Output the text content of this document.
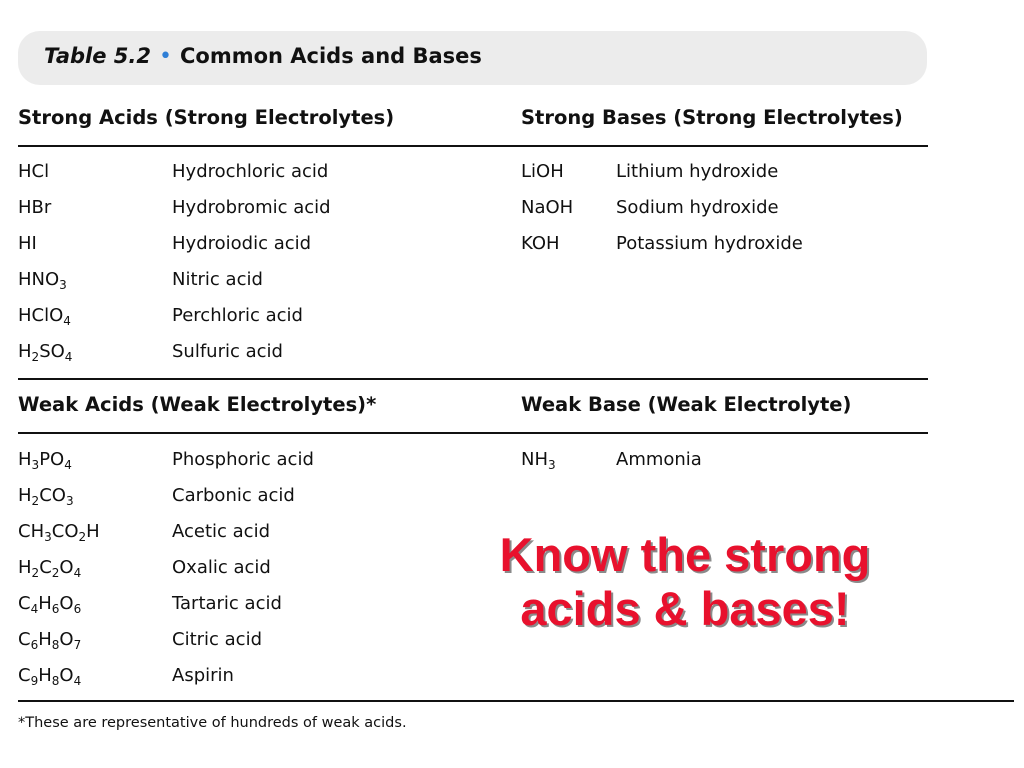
Table 5.2 • Common Acids and Bases
Strong Acids (Strong Electrolytes)	Strong Bases (Strong Electrolytes)
HCl	Hydrochloric acid
HBr	Hydrobromic acid
HI	Hydroiodic acid
$HNO_3$	Nitric acid
HClO$_4$	Perchloric acid
$H_2SO_4$	Sulfuric acid
LiOH	Lithium hydroxide
NaOH Sodium hydroxide
KOH	Potassium hydroxide
Weak Acids (Weak Electrolytes)*	Weak Base (Weak Electrolyte)
$H_3PO_4$	Phosphoric acid
$H_2CO_3$	Carbonic acid
$CH_3CO_2H$	Acetic acid
$H_2C_2O_4$	Oxalic acid
$C_4H_6O_6$	Tartaric acid
$C_6H_8O_7$	Citric acid
$C_9H_8O_4$	Aspirin
$NH_3$	Ammonia
Know the strong
acids & bases!
*These are representative of hundreds of weak acids.
